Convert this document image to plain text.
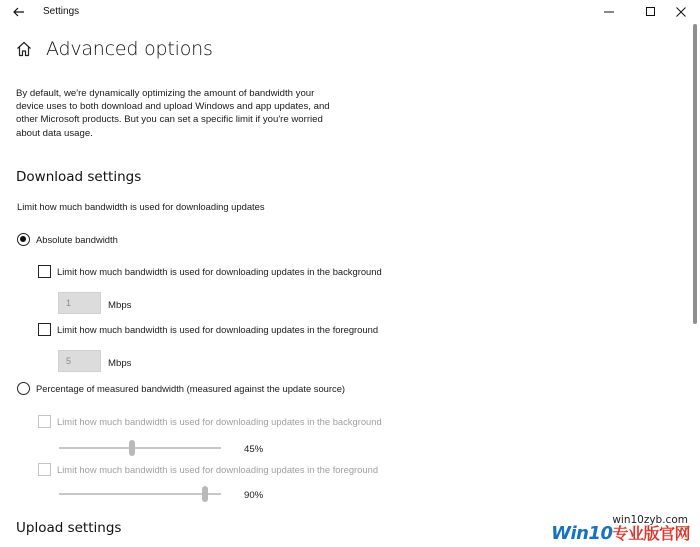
Settings
Advanced options
By default, we're dynamically optimizing the amount of bandwidth your device uses to both download and upload Windows and app updates, and other Microsoft products. But you can set a specific limit if you're worried about data usage.
Download settings
Limit how much bandwidth is used for downloading updates
Absolute bandwidth
Limit how much bandwidth is used for downloading updates in the background
1	Mbps
Limit how much bandwidth is used for downloading updates in the foreground
5	Mbps
Percentage of measured bandwidth (measured against the update source)
Limit how much bandwidth is used for downloading updates in the background
45%
Limit how much bandwidth is used for downloading updates in the foreground
90%
Upload settings	win10zyb.com
Win10专业版官网
